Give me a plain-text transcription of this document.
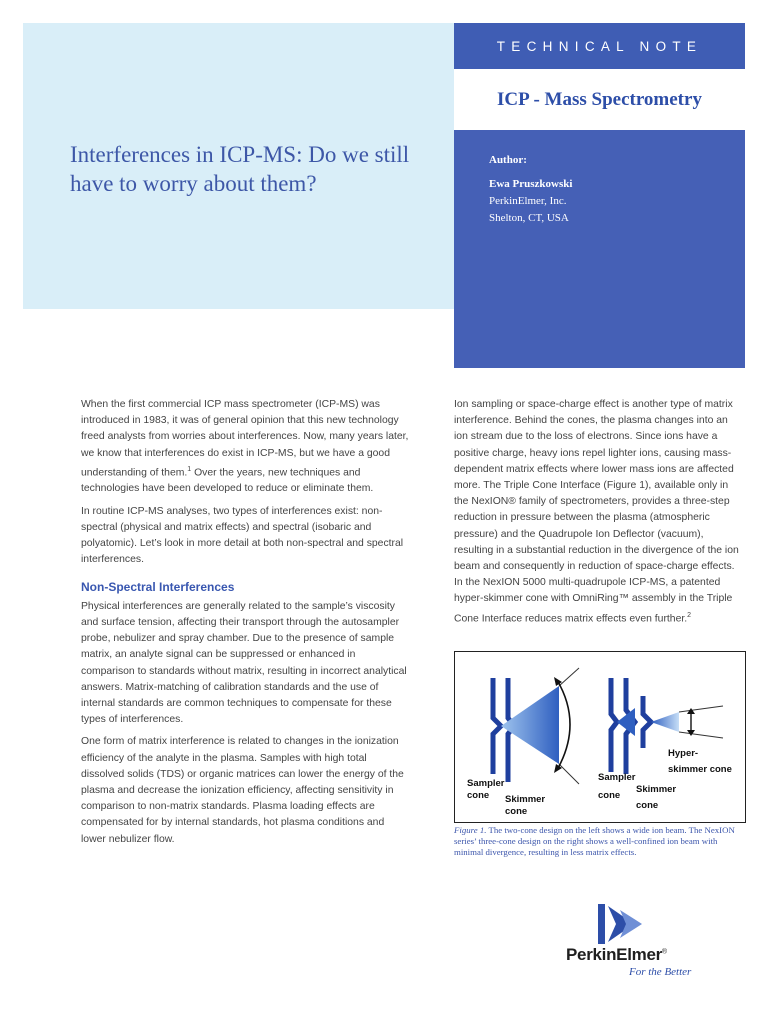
TECHNICAL NOTE
ICP - Mass Spectrometry
Author:
Ewa Pruszkowski
PerkinElmer, Inc.
Shelton, CT, USA
Interferences in ICP-MS: Do we still have to worry about them?

When the first commercial ICP mass spectrometer (ICP-MS) was introduced in 1983, it was of general opinion that this new technology freed analysts from worries about interferences. Now, many years later, we know that interferences do exist in ICP-MS, but we have a good understanding of them.$^1$ Over the years, new techniques and technologies have been developed to reduce or eliminate them.

In routine ICP-MS analyses, two types of interferences exist: non-spectral (physical and matrix effects) and spectral (isobaric and polyatomic). Let’s look in more detail at both non-spectral and spectral interferences.

Non-Spectral Interferences

Physical interferences are generally related to the sample’s viscosity and surface tension, affecting their transport through the autosampler probe, nebulizer and spray chamber. Due to the presence of sample matrix, an analyte signal can be suppressed or enhanced in comparison to standards without matrix, resulting in incorrect analytical answers. Matrix-matching of calibration standards and the use of internal standards are common techniques to compensate for these types of interferences.

One form of matrix interference is related to changes in the ionization efficiency of the analyte in the plasma. Samples with high total dissolved solids (TDS) or organic matrices can lower the energy of the plasma and decrease the ionization efficiency, affecting sensitivity in comparison to non-matrix standards. Plasma loading effects are compensated for by internal standards, hot plasma conditions and lower nebulizer flow.

Ion sampling or space-charge effect is another type of matrix interference. Behind the cones, the plasma changes into an ion stream due to the loss of electrons. Since ions have a positive charge, heavy ions repel lighter ions, causing mass-dependent matrix effects where lower mass ions are affected more. The Triple Cone Interface (Figure 1), available only in the NexION® family of spectrometers, provides a three-step reduction in pressure between the plasma (atmospheric pressure) and the Quadrupole Ion Deflector (vacuum), resulting in a substantial reduction in the divergence of the ion beam and consequently in reduction of space-charge effects. In the NexION 5000 multi-quadrupole ICP-MS, a patented hyper-skimmer cone with OmniRing™ assembly in the Triple Cone Interface reduces matrix effects even further.$^2$

Sampler
cone Skimmer
cone
Sampler
cone
Skimmer
cone
Hyper-
skimmer cone
Figure 1. The two-cone design on the left shows a wide ion beam. The NexION series’ three-cone design on the right shows a well-confined ion beam with minimal divergence, resulting in less matrix effects.
PerkinElmer®
For the Better
